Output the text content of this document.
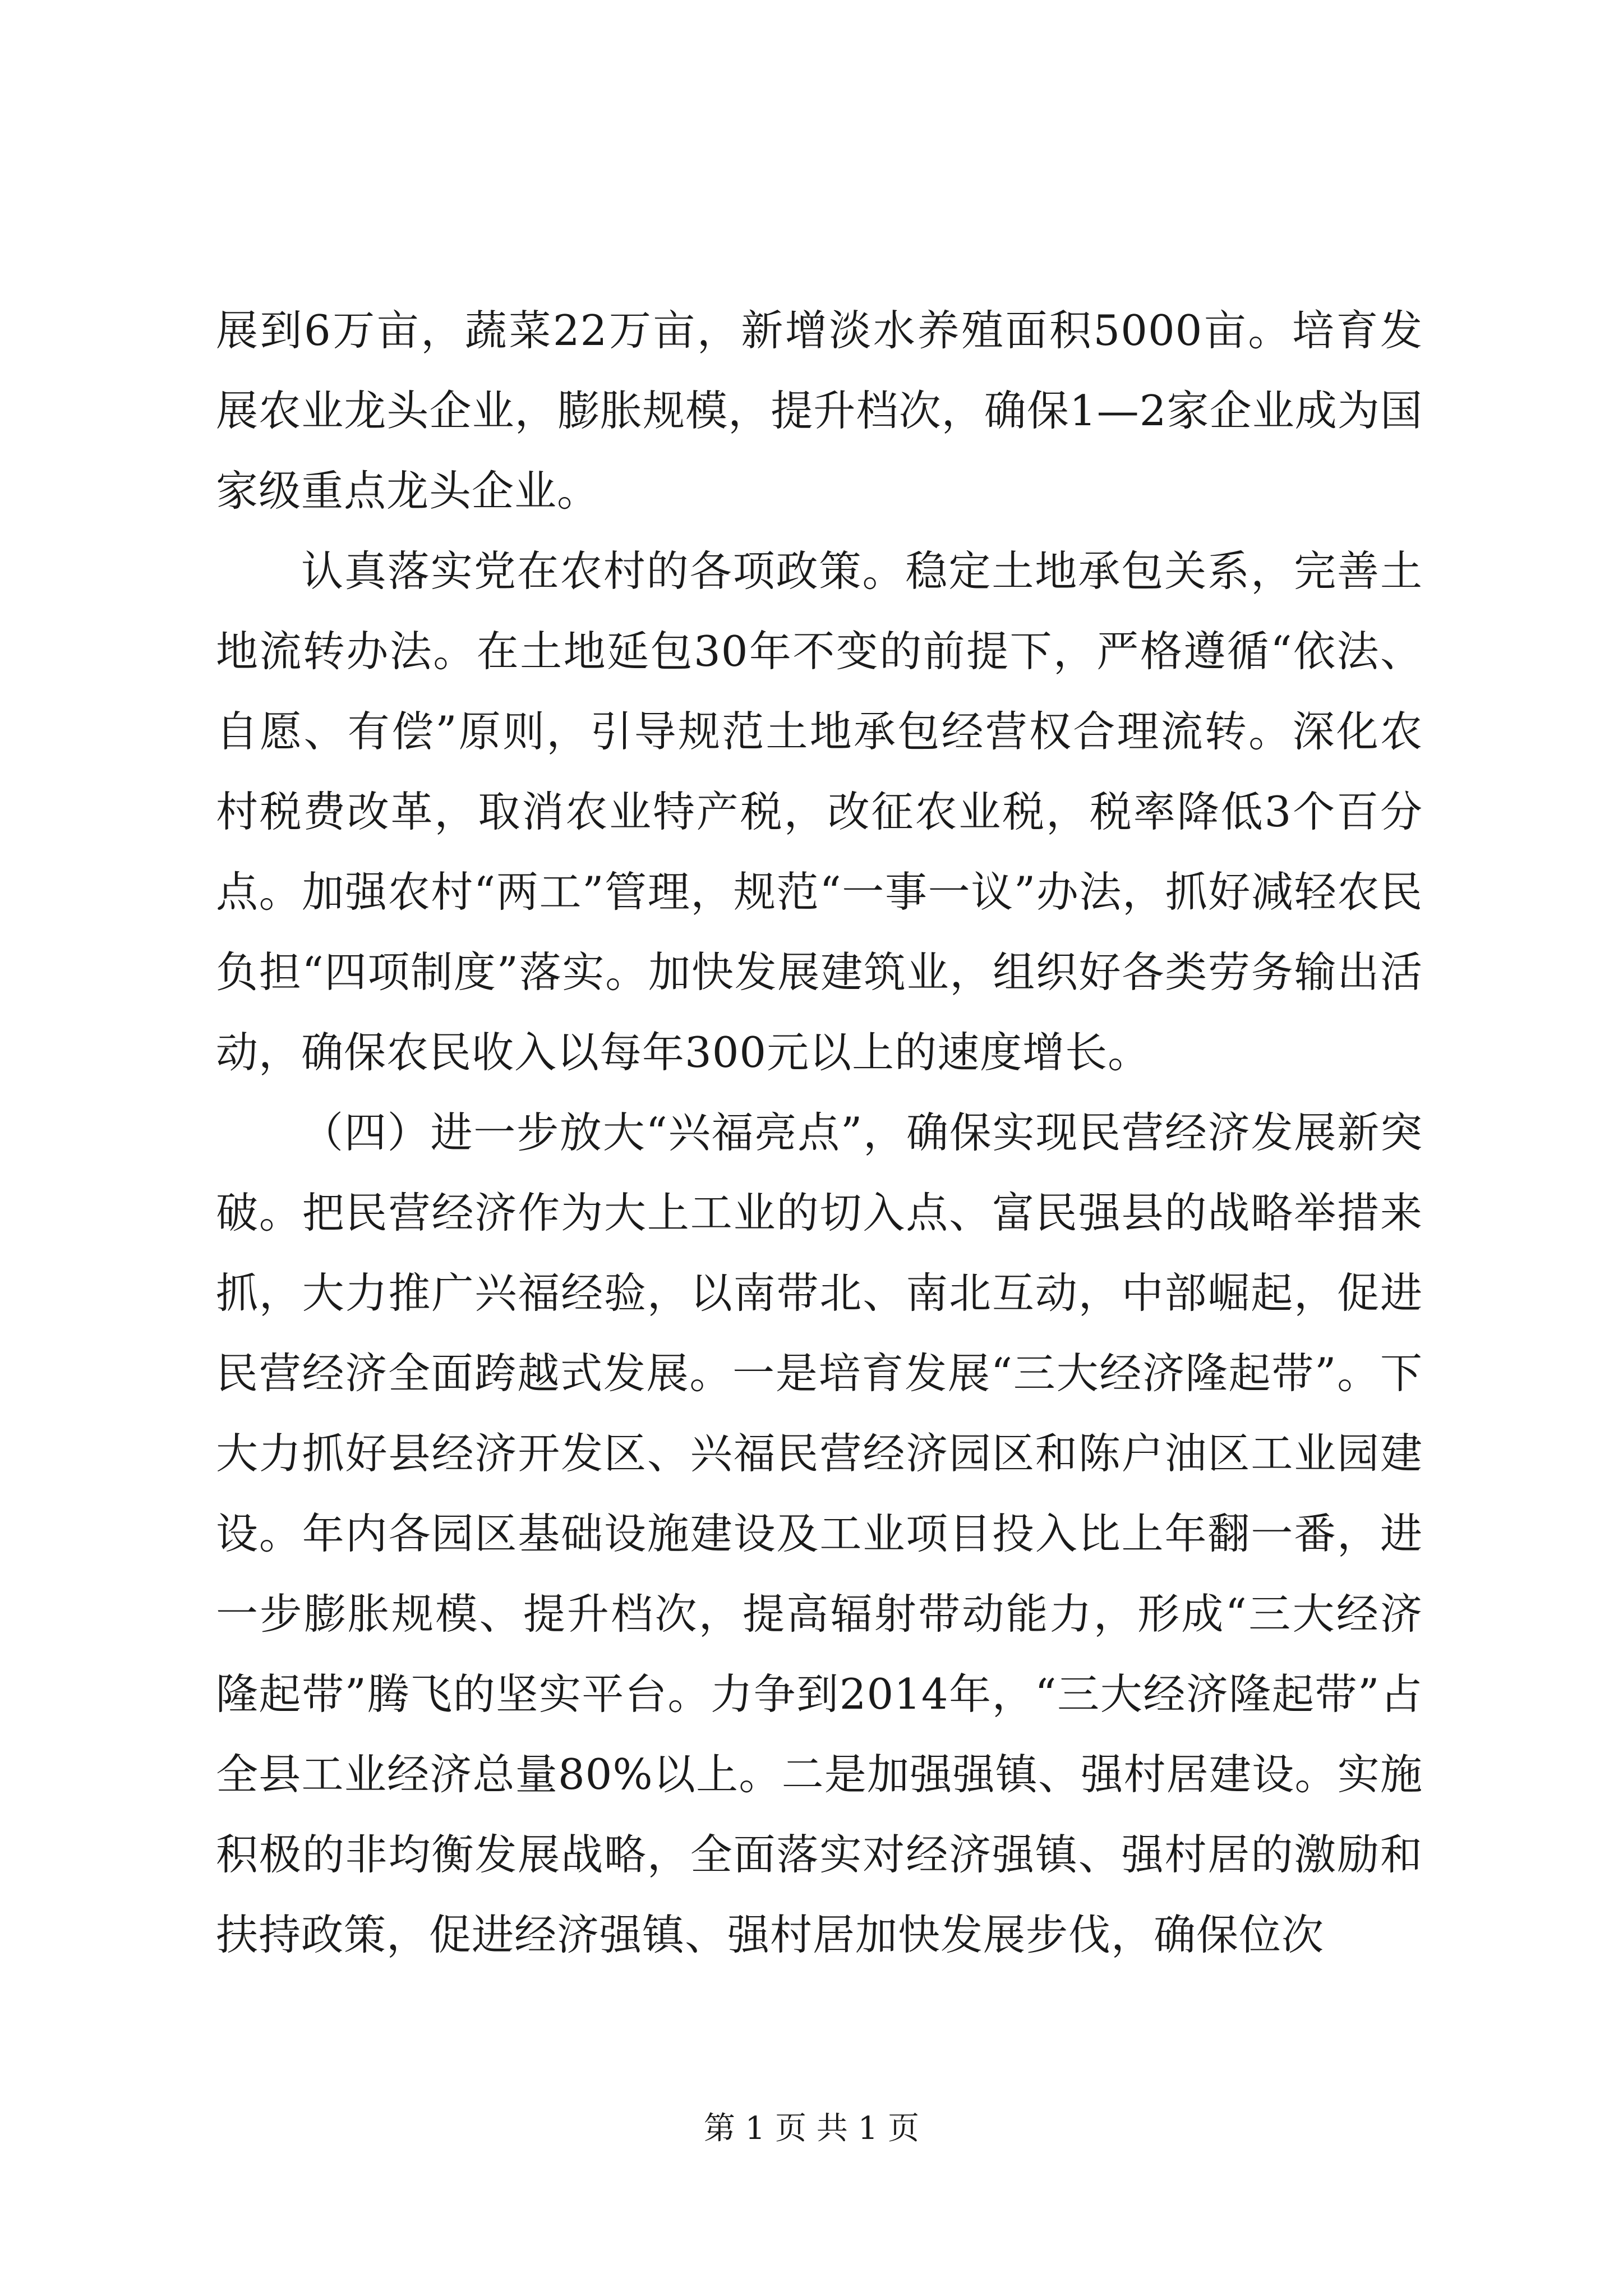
展到6万亩，蔬菜22万亩，新增淡水养殖面积5000亩。培育发展农业龙头企业，膨胀规模，提升档次，确保1—2家企业成为国家级重点龙头企业。

认真落实党在农村的各项政策。稳定土地承包关系，完善土地流转办法。在土地延包30年不变的前提下，严格遵循“依法、自愿、有偿”原则，引导规范土地承包经营权合理流转。深化农村税费改革，取消农业特产税，改征农业税，税率降低3个百分点。加强农村“两工”管理，规范“一事一议”办法，抓好减轻农民负担“四项制度”落实。加快发展建筑业，组织好各类劳务输出活动，确保农民收入以每年300元以上的速度增长。

（四）进一步放大“兴福亮点”，确保实现民营经济发展新突破。把民营经济作为大上工业的切入点、富民强县的战略举措来抓，大力推广兴福经验，以南带北、南北互动，中部崛起，促进民营经济全面跨越式发展。一是培育发展“三大经济隆起带”。下大力抓好县经济开发区、兴福民营经济园区和陈户油区工业园建设。年内各园区基础设施建设及工业项目投入比上年翻一番，进一步膨胀规模、提升档次，提高辐射带动能力，形成“三大经济隆起带”腾飞的坚实平台。力争到2014年，“三大经济隆起带”占全县工业经济总量80%以上。二是加强强镇、强村居建设。实施积极的非均衡发展战略，全面落实对经济强镇、强村居的激励和扶持政策，促进经济强镇、强村居加快发展步伐，确保位次

第 1 页 共 1 页
